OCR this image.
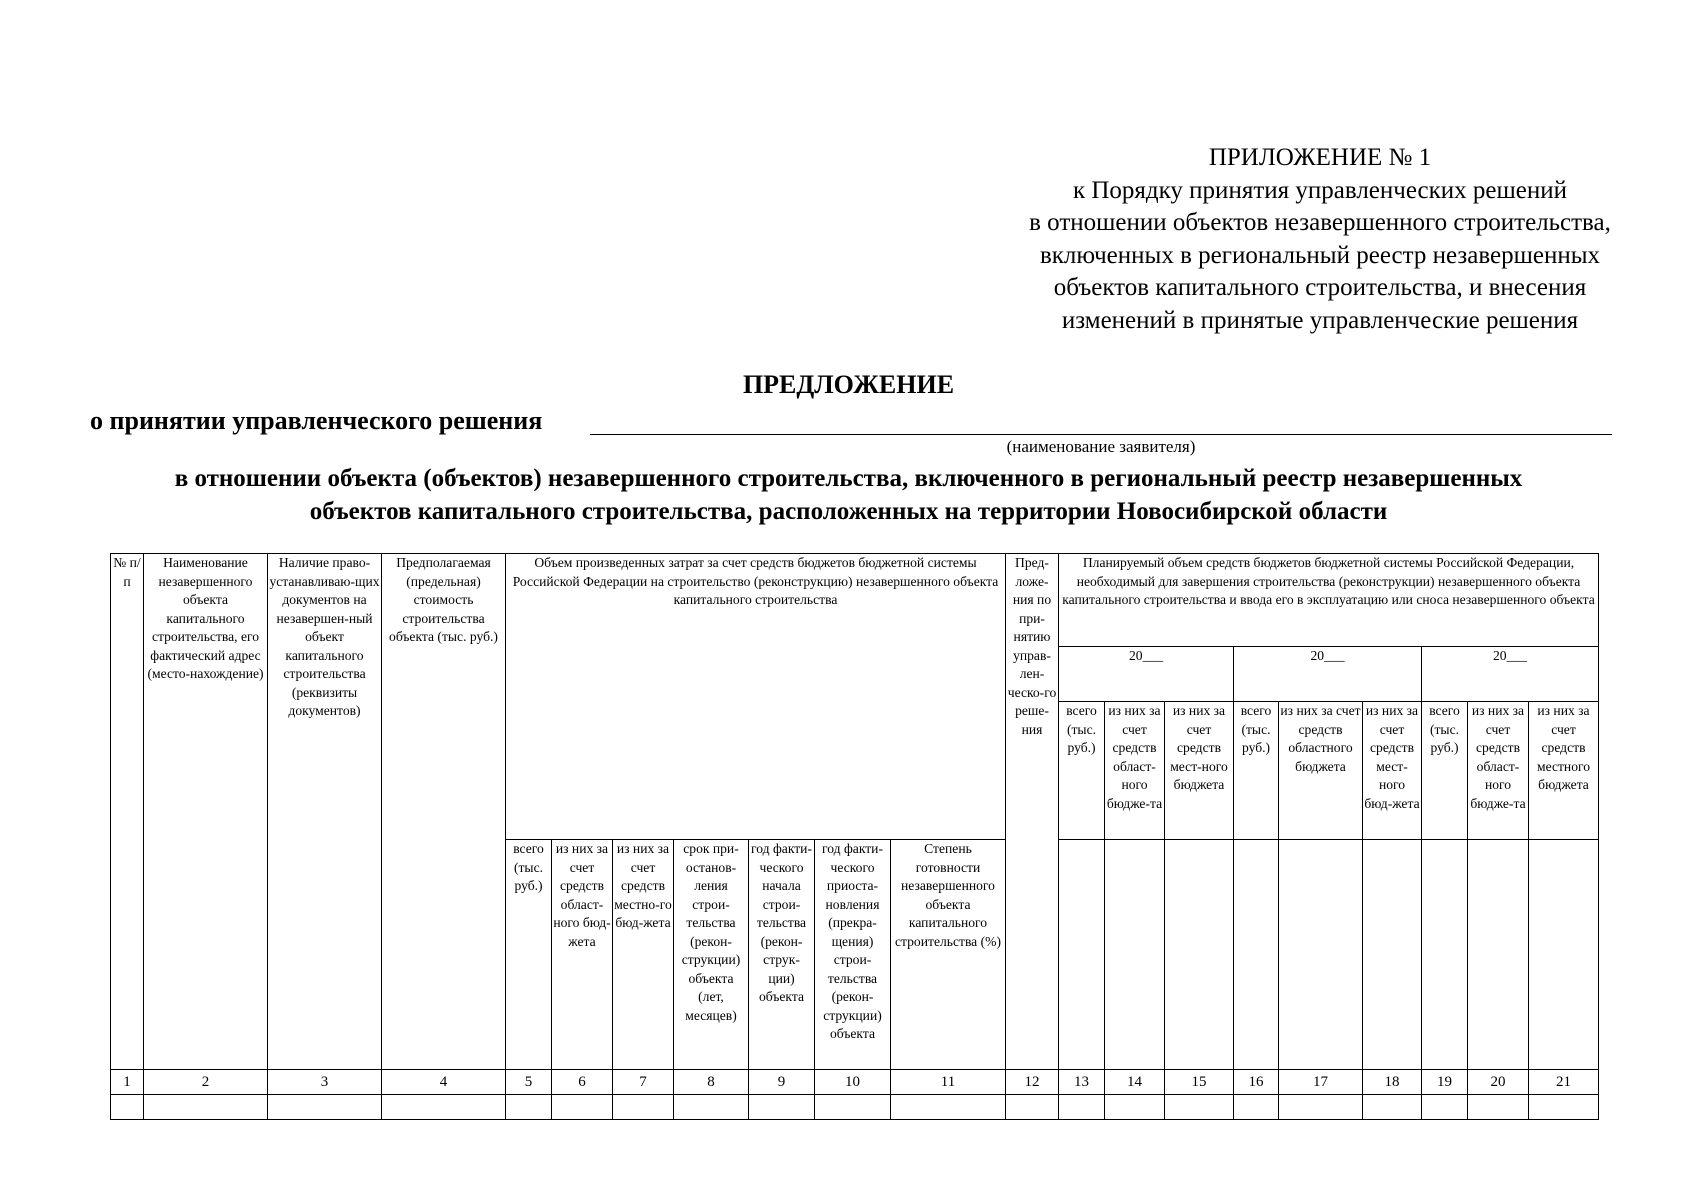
ПРИЛОЖЕНИЕ № 1
к Порядку принятия управленческих решений
в отношении объектов незавершенного строительства,
включенных в региональный реестр незавершенных
объектов капитального строительства, и внесения
изменений в принятые управленческие решения
ПРЕДЛОЖЕНИЕ
о принятии управленческого решения
(наименование заявителя)
в отношении объекта (объектов) незавершенного строительства, включенного в региональный реестр незавершенных
объектов капитального строительства, расположенных на территории Новосибирской области
№ п/п	Наименование незавершенного объекта капитального строительства, его фактический адрес (место-нахождение)	Наличие право-устанавливаю-щих документов на незавершен-ный объект капитального строительства (реквизиты документов)	Предполагаемая (предельная) стоимость строительства объекта (тыс. руб.)	Объем произведенных затрат за счет средств бюджетов бюджетной системы Российской Федерации на строительство (реконструкцию) незавершенного объекта капитального строительства							Пред-ложе-ния по при-нятию управ-лен-ческо-го реше-ния	Планируемый объем средств бюджетов бюджетной системы Российской Федерации, необходимый для завершения строительства (реконструкции) незавершенного объекта капитального строительства и ввода его в эксплуатацию или сноса незавершенного объекта								
												20___			20___			20___		
												всего (тыс. руб.)	из них за счет средств област-ного бюдже-та	из них за счет средств мест-ного бюджета	всего (тыс. руб.)	из них за счет средств областного бюджета	из них за счет средств мест-ного бюд-жета	всего (тыс. руб.)	из них за счет средств област-ного бюдже-та	из них за счет средств местного бюджета
				всего (тыс. руб.)	из них за счет средств област-ного бюд-жета	из них за счет средств местно-го бюд-жета	срок при-останов-ления строи-тельства (рекон-струкции) объекта (лет, месяцев)	год факти-ческого начала строи-тельства (рекон-струк-ции) объекта	год факти-ческого приоста-новления (прекра-щения) строи-тельства (рекон-струкции) объекта	Степень готовности незавершенного объекта капитального строительства (%)										
1	2	3	4	5	6	7	8	9	10	11	12	13	14	15	16	17	18	19	20	21
